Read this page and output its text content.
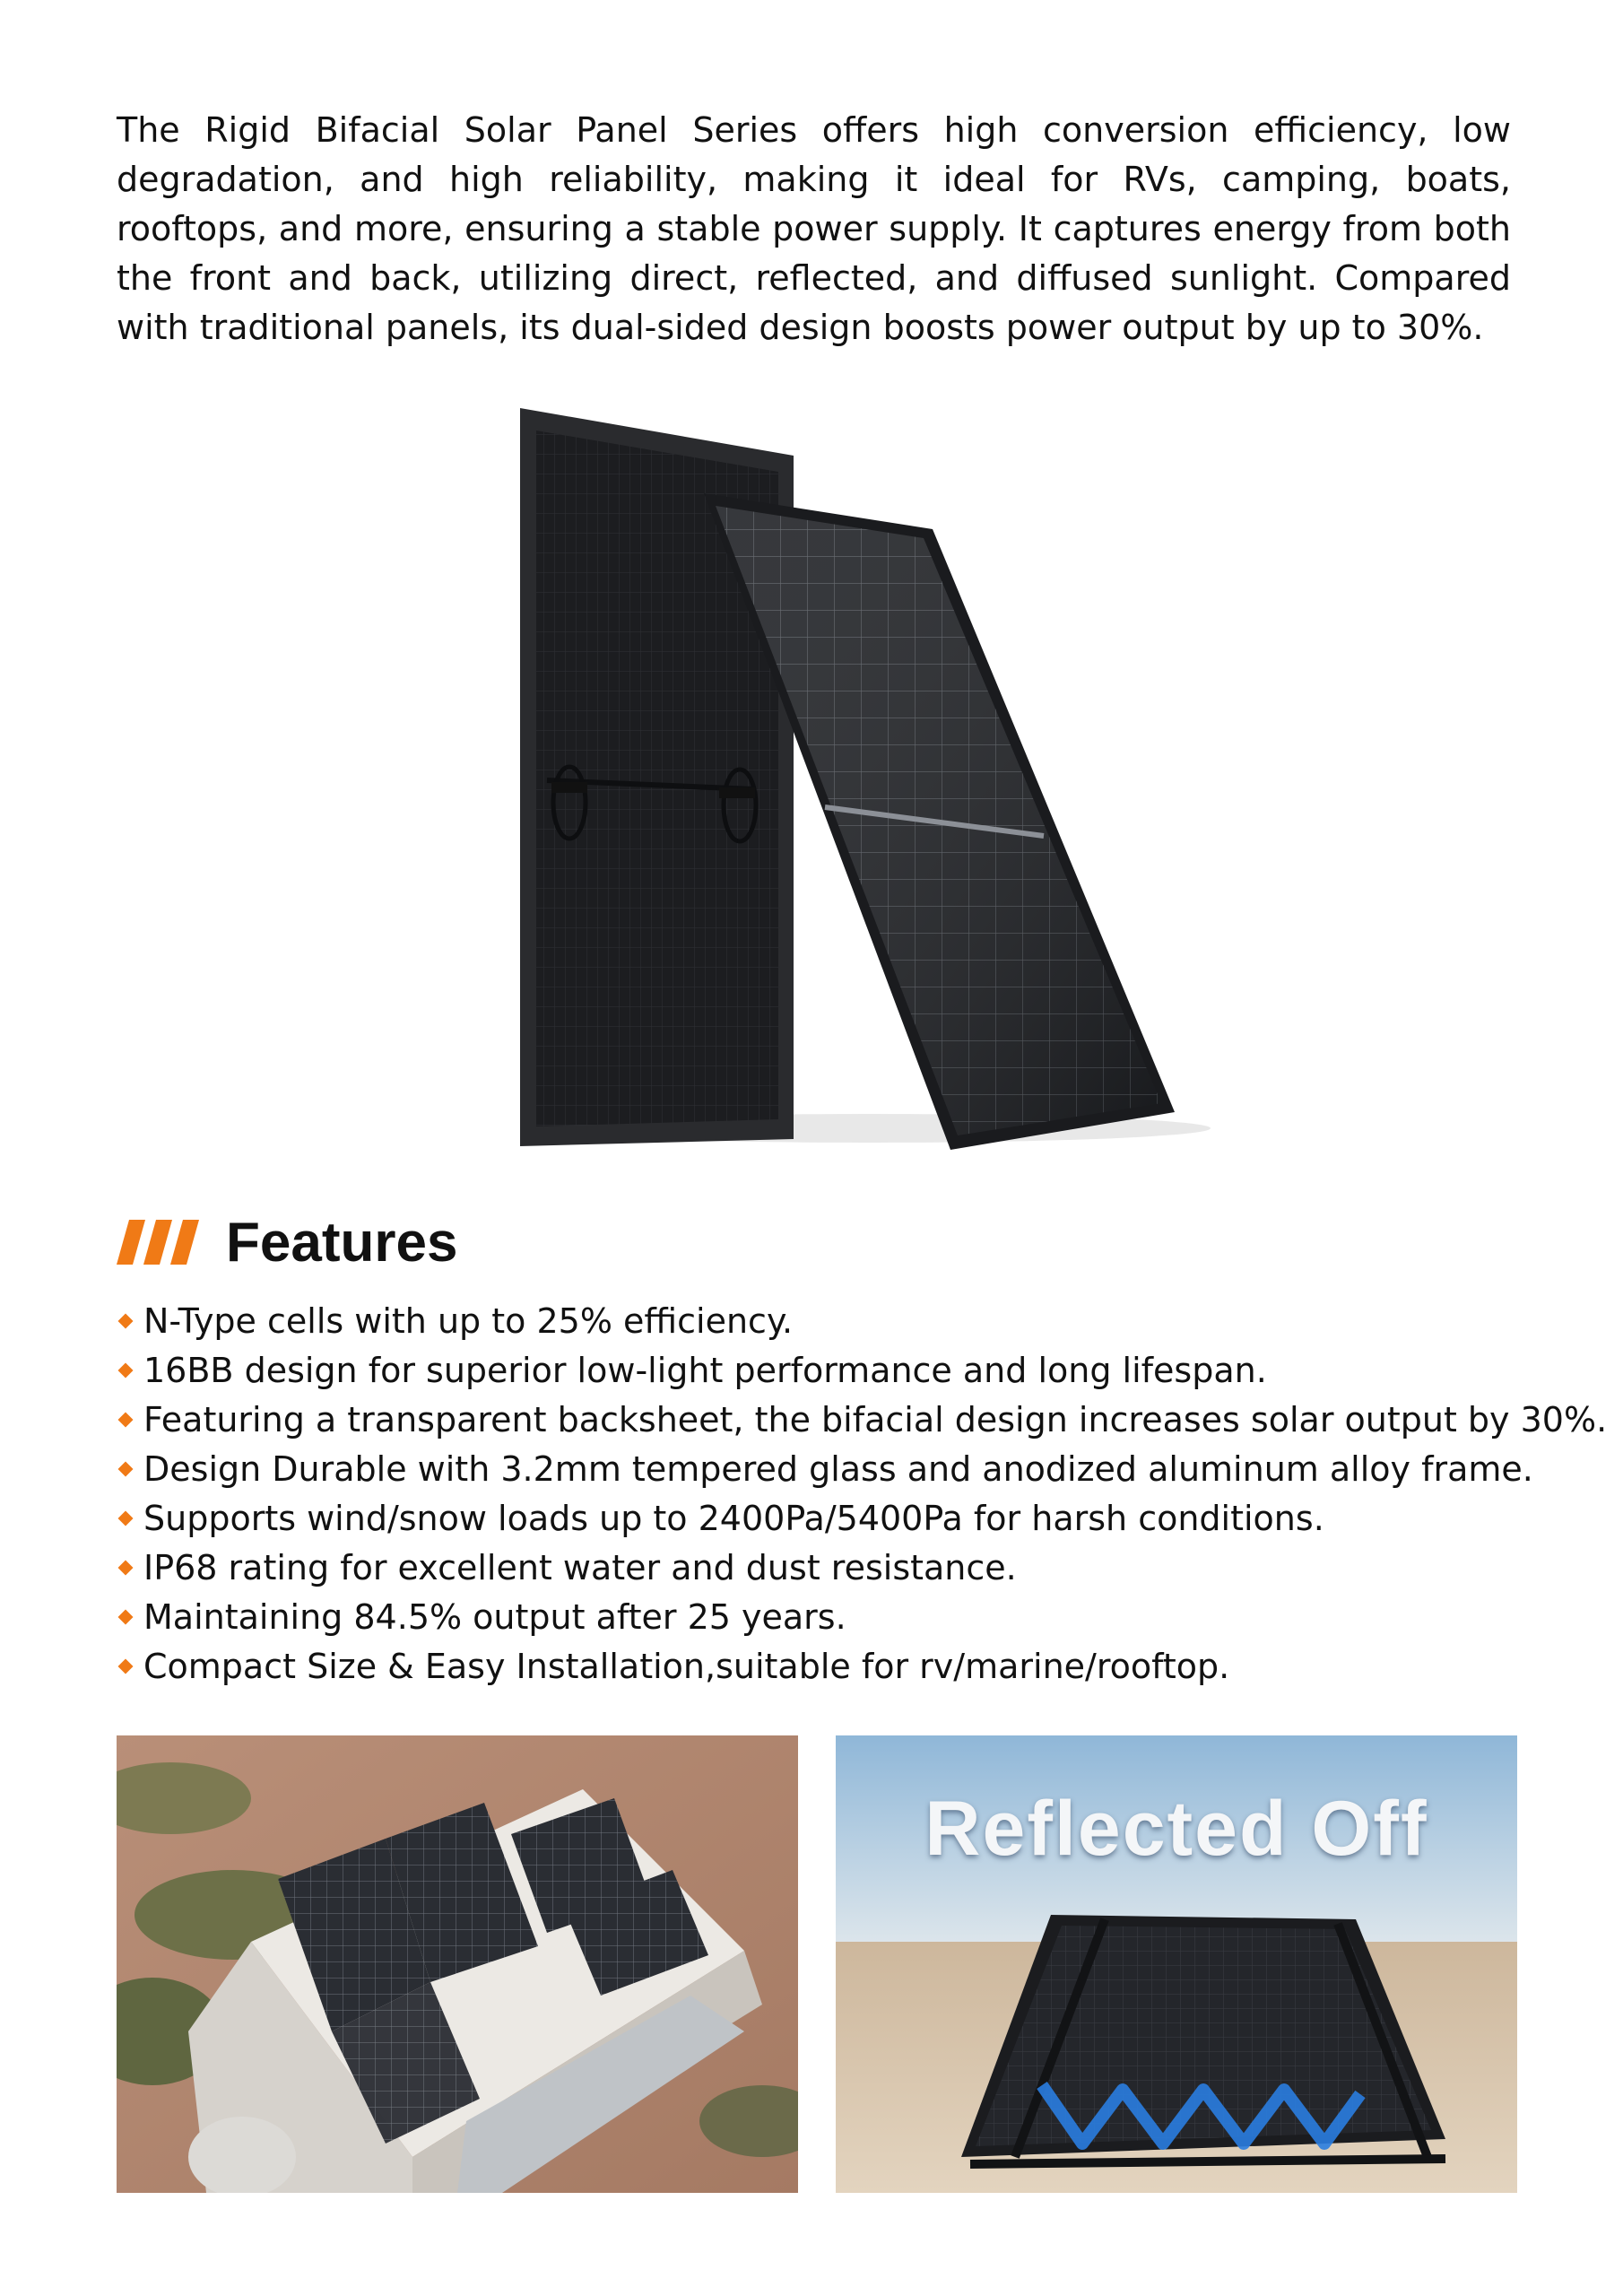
The Rigid Bifacial Solar Panel Series offers high conversion efficiency, low degradation, and high reliability, making it ideal for RVs, camping, boats, rooftops, and more, ensuring a stable power supply. It captures energy from both the front and back, utilizing direct, reflected, and diffused sunlight. Compared with traditional panels, its dual-sided design boosts power output by up to 30%.

Features
N-Type cells with up to 25% efficiency.
16BB design for superior low-light performance and long lifespan.
Featuring a transparent backsheet, the bifacial design increases solar output by 30%.
Design Durable with 3.2mm tempered glass and anodized aluminum alloy frame.
Supports wind/snow loads up to 2400Pa/5400Pa for harsh conditions.
IP68 rating for excellent water and dust resistance.
Maintaining 84.5% output after 25 years.
Compact Size & Easy Installation,suitable for rv/marine/rooftop.
Reflected Off
